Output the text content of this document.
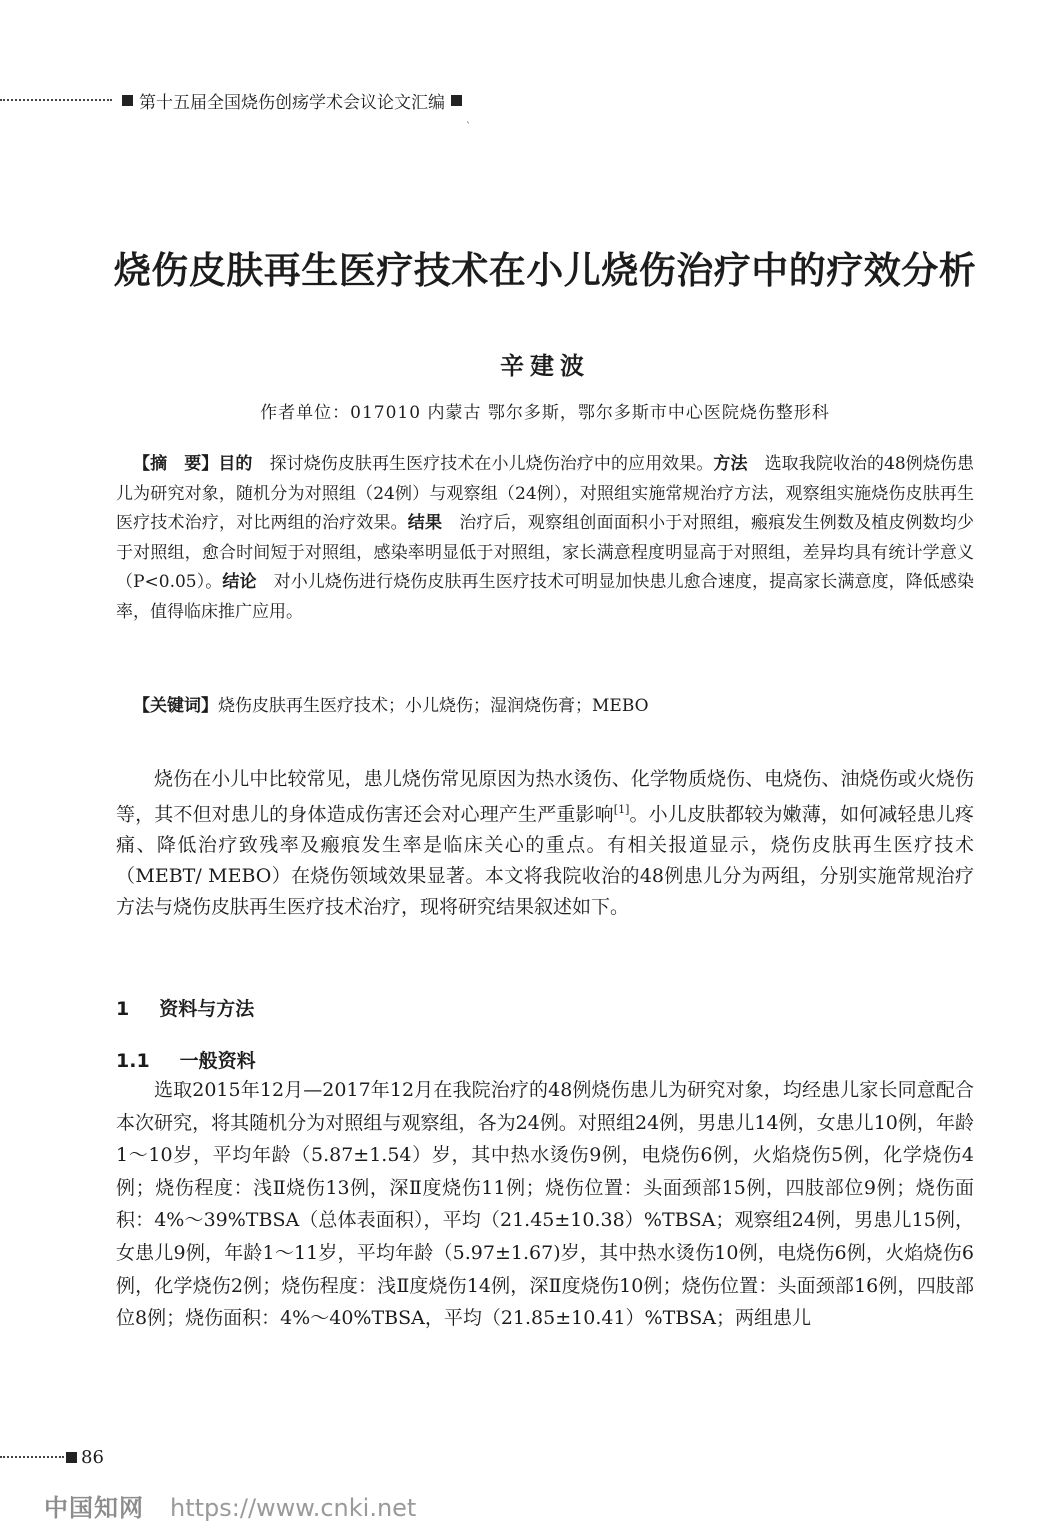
第十五届全国烧伤创疡学术会议论文汇编
`
烧伤皮肤再生医疗技术在小儿烧伤治疗中的疗效分析
辛建波
作者单位：017010 内蒙古 鄂尔多斯，鄂尔多斯市中心医院烧伤整形科

【摘　要】目的　探讨烧伤皮肤再生医疗技术在小儿烧伤治疗中的应用效果。方法　选取我院收治的48例烧伤患儿为研究对象，随机分为对照组（24例）与观察组（24例），对照组实施常规治疗方法，观察组实施烧伤皮肤再生医疗技术治疗，对比两组的治疗效果。结果　治疗后，观察组创面面积小于对照组，瘢痕发生例数及植皮例数均少于对照组，愈合时间短于对照组，感染率明显低于对照组，家长满意程度明显高于对照组，差异均具有统计学意义（P<0.05）。结论　对小儿烧伤进行烧伤皮肤再生医疗技术可明显加快患儿愈合速度，提高家长满意度，降低感染率，值得临床推广应用。

【关键词】烧伤皮肤再生医疗技术；小儿烧伤；湿润烧伤膏；MEBO

烧伤在小儿中比较常见，患儿烧伤常见原因为热水烫伤、化学物质烧伤、电烧伤、油烧伤或火烧伤等，其不但对患儿的身体造成伤害还会对心理产生严重影响[1]。小儿皮肤都较为嫩薄，如何减轻患儿疼痛、降低治疗致残率及瘢痕发生率是临床关心的重点。有相关报道显示，烧伤皮肤再生医疗技术（MEBT/ MEBO）在烧伤领域效果显著。本文将我院收治的48例患儿分为两组，分别实施常规治疗方法与烧伤皮肤再生医疗技术治疗，现将研究结果叙述如下。

1 资料与方法
1.1 一般资料

选取2015年12月—2017年12月在我院治疗的48例烧伤患儿为研究对象，均经患儿家长同意配合本次研究，将其随机分为对照组与观察组，各为24例。对照组24例，男患儿14例，女患儿10例，年龄1～10岁，平均年龄（5.87±1.54）岁，其中热水烫伤9例，电烧伤6例，火焰烧伤5例，化学烧伤4例；烧伤程度：浅Ⅱ烧伤13例，深Ⅱ度烧伤11例；烧伤位置：头面颈部15例，四肢部位9例；烧伤面积：4%～39%TBSA（总体表面积），平均（21.45±10.38）%TBSA；观察组24例，男患儿15例，女患儿9例，年龄1～11岁，平均年龄（5.97±1.67)岁，其中热水烫伤10例，电烧伤6例，火焰烧伤6例，化学烧伤2例；烧伤程度：浅Ⅱ度烧伤14例，深Ⅱ度烧伤10例；烧伤位置：头面颈部16例，四肢部位8例；烧伤面积：4%～40%TBSA，平均（21.85±10.41）%TBSA；两组患儿

86
中国知网 https://www.cnki.net
